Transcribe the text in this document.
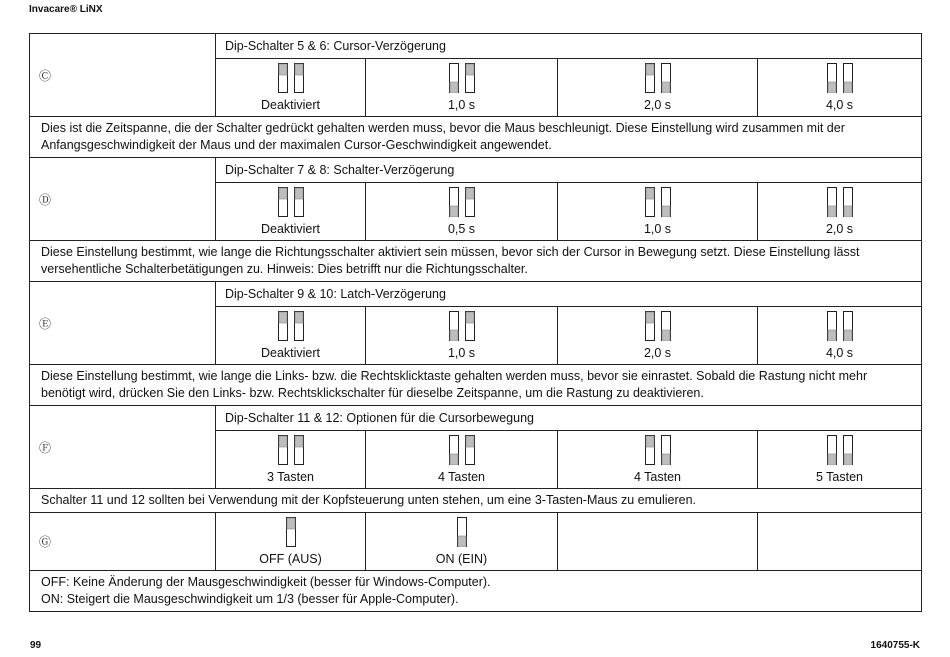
Invacare® LiNX
Ⓒ	Dip-Schalter 5 & 6: Cursor-Verzögerung			

	Deaktiviert	1,0 s	2,0 s	4,0 s

Dies ist die Zeitspanne, die der Schalter gedrückt gehalten werden muss, bevor die Maus beschleunigt. Diese Einstellung wird zusammen mit der Anfangsgeschwindigkeit der Maus und der maximalen Cursor-Geschwindigkeit angewendet.				
Ⓓ	Dip-Schalter 7 & 8: Schalter-Verzögerung			

	Deaktiviert	0,5 s	1,0 s	2,0 s

Diese Einstellung bestimmt, wie lange die Richtungsschalter aktiviert sein müssen, bevor sich der Cursor in Bewegung setzt. Diese Einstellung lässt versehentliche Schalterbetätigungen zu. Hinweis: Dies betrifft nur die Richtungsschalter.				
Ⓔ	Dip-Schalter 9 & 10: Latch-Verzögerung			

	Deaktiviert	1,0 s	2,0 s	4,0 s

Diese Einstellung bestimmt, wie lange die Links- bzw. die Rechtsklicktaste gehalten werden muss, bevor sie einrastet. Sobald die Rastung nicht mehr benötigt wird, drücken Sie den Links- bzw. Rechtsklickschalter für dieselbe Zeitspanne, um die Rastung zu deaktivieren.				
Ⓕ	Dip-Schalter 11 & 12: Optionen für die Cursorbewegung			

	3 Tasten	4 Tasten	4 Tasten	5 Tasten

Schalter 11 und 12 sollten bei Verwendung mit der Kopfsteuerung unten stehen, um eine 3-Tasten-Maus zu emulieren.				
Ⓖ	OFF (AUS)	ON (EIN)		

OFF: Keine Änderung der Mausgeschwindigkeit (besser für Windows-Computer).
ON: Steigert die Mausgeschwindigkeit um 1/3 (besser für Apple-Computer).				
99	1640755-K
